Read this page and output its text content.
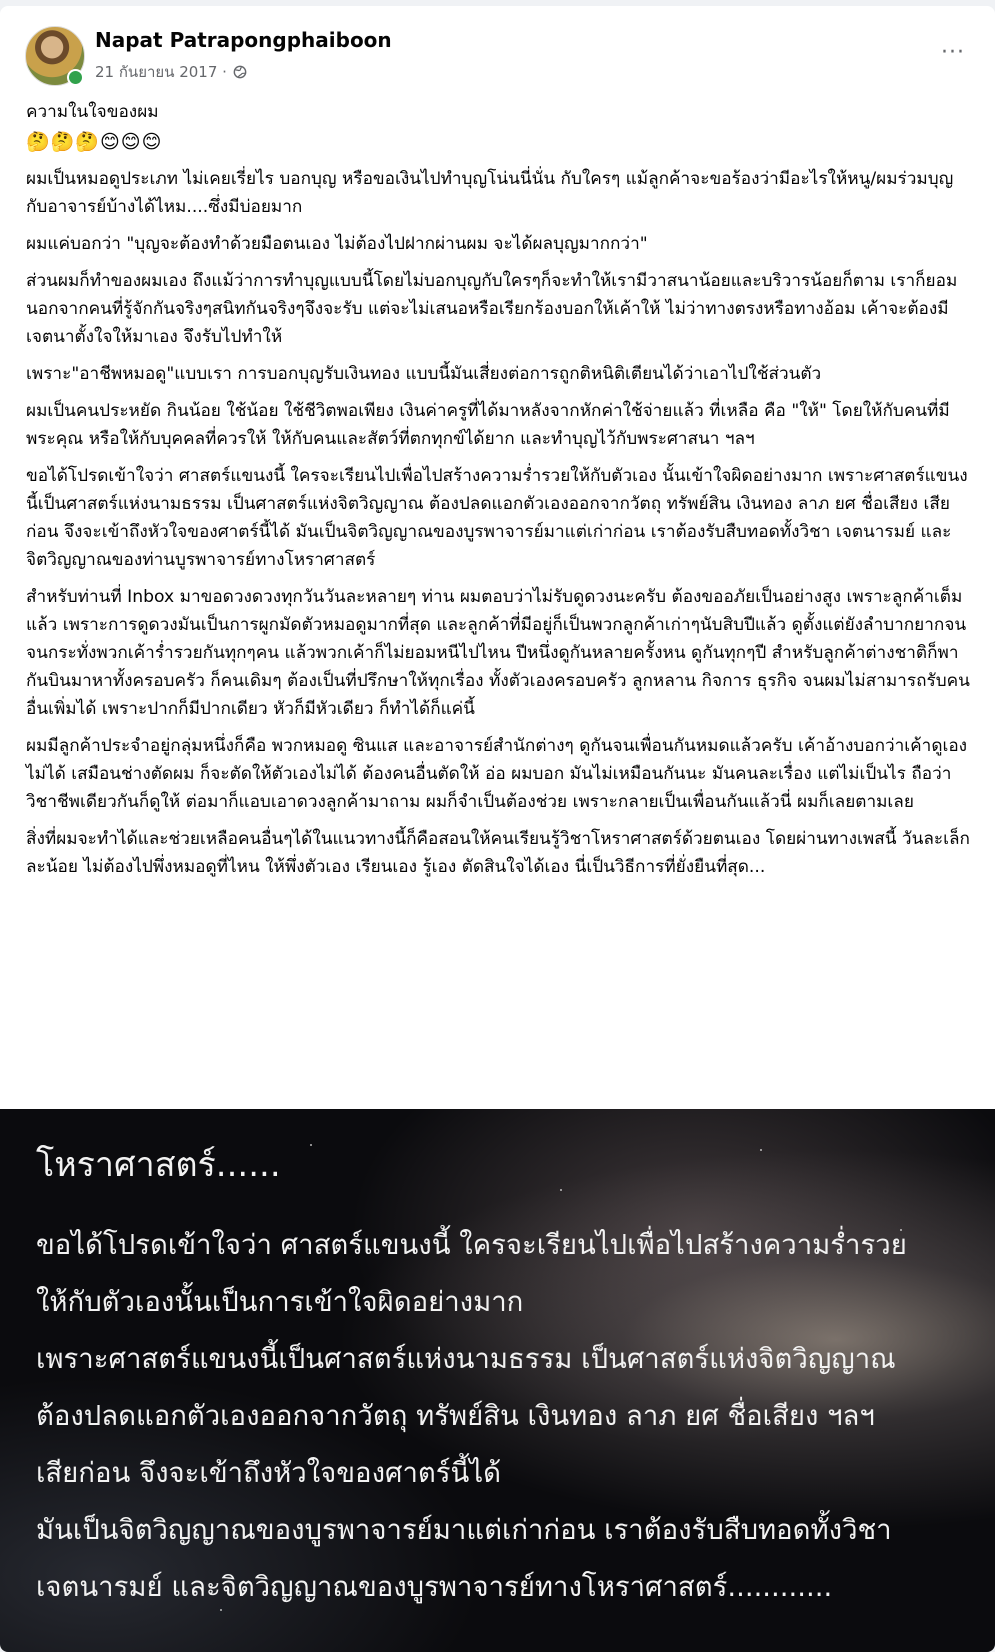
Napat Patrapongphaiboon
21 กันยายน 2017 ·
···

ความในใจของผม

🤔🤔🤔😊😊😊

ผมเป็นหมอดูประเภท ไม่เคยเรี่ยไร บอกบุญ หรือขอเงินไปทำบุญโน่นนี่นั่น กับใครๆ แม้ลูกค้าจะขอร้องว่ามีอะไรให้หนู/ผมร่วมบุญกับอาจารย์บ้างได้ไหม....ซึ่งมีบ่อยมาก

ผมแค่บอกว่า "บุญจะต้องทำด้วยมือตนเอง ไม่ต้องไปฝากผ่านผม จะได้ผลบุญมากกว่า"

ส่วนผมก็ทำของผมเอง ถึงแม้ว่าการทำบุญแบบนี้โดยไม่บอกบุญกับใครๆก็จะทำให้เรามีวาสนาน้อยและบริวารน้อยก็ตาม เราก็ยอม นอกจากคนที่รู้จักกันจริงๆสนิทกันจริงๆจึงจะรับ แต่จะไม่เสนอหรือเรียกร้องบอกให้เค้าให้ ไม่ว่าทางตรงหรือทางอ้อม เค้าจะต้องมีเจตนาตั้งใจให้มาเอง จึงรับไปทำให้

เพราะ"อาชีพหมอดู"แบบเรา การบอกบุญรับเงินทอง แบบนี้มันเสี่ยงต่อการถูกติหนิติเตียนได้ว่าเอาไปใช้ส่วนตัว

ผมเป็นคนประหยัด กินน้อย ใช้น้อย ใช้ชีวิตพอเพียง เงินค่าครูที่ได้มาหลังจากหักค่าใช้จ่ายแล้ว ที่เหลือ คือ "ให้" โดยให้กับคนที่มีพระคุณ หรือให้กับบุคคลที่ควรให้ ให้กับคนและสัตว์ที่ตกทุกข์ได้ยาก และทำบุญไว้กับพระศาสนา ฯลฯ

ขอได้โปรดเข้าใจว่า ศาสตร์แขนงนี้ ใครจะเรียนไปเพื่อไปสร้างความร่ำรวยให้กับตัวเอง นั้นเข้าใจผิดอย่างมาก เพราะศาสตร์แขนงนี้เป็นศาสตร์แห่งนามธรรม เป็นศาสตร์แห่งจิตวิญญาณ ต้องปลดแอกตัวเองออกจากวัตถุ ทรัพย์สิน เงินทอง ลาภ ยศ ชื่อเสียง เสียก่อน จึงจะเข้าถึงหัวใจของศาตร์นี้ได้ มันเป็นจิตวิญญาณของบูรพาจารย์มาแต่เก่าก่อน เราต้องรับสืบทอดทั้งวิชา เจตนารมย์ และจิตวิญญาณของท่านบูรพาจารย์ทางโหราศาสตร์

สำหรับท่านที่ Inbox มาขอดวงดวงทุกวันวันละหลายๆ ท่าน ผมตอบว่าไม่รับดูดวงนะครับ ต้องขออภัยเป็นอย่างสูง เพราะลูกค้าเต็มแล้ว เพราะการดูดวงมันเป็นการผูกมัดตัวหมอดูมากที่สุด และลูกค้าที่มีอยู่ก็เป็นพวกลูกค้าเก่าๆนับสิบปีแล้ว ดูตั้งแต่ยังลำบากยากจน จนกระทั่งพวกเค้าร่ำรวยกันทุกๆคน แล้วพวกเค้าก็ไม่ยอมหนีไปไหน ปีหนึ่งดูกันหลายครั้งหน ดูกันทุกๆปี สำหรับลูกค้าต่างชาติก็พากันบินมาหาทั้งครอบครัว ก็คนเดิมๆ ต้องเป็นที่ปรึกษาให้ทุกเรื่อง ทั้งตัวเองครอบครัว ลูกหลาน กิจการ ธุรกิจ จนผมไม่สามารถรับคนอื่นเพิ่มได้ เพราะปากก็มีปากเดียว หัวก็มีหัวเดียว ก็ทำได้ก็แค่นี้

ผมมีลูกค้าประจำอยู่กลุ่มหนึ่งก็คือ พวกหมอดู ซินแส และอาจารย์สำนักต่างๆ ดูกันจนเพื่อนกันหมดแล้วครับ เค้าอ้างบอกว่าเค้าดูเองไม่ได้ เสมือนช่างตัดผม ก็จะตัดให้ตัวเองไม่ได้ ต้องคนอื่นตัดให้ อ่อ ผมบอก มันไม่เหมือนกันนะ มันคนละเรื่อง แต่ไม่เป็นไร ถือว่าวิชาชีพเดียวกันก็ดูให้ ต่อมาก็แอบเอาดวงลูกค้ามาถาม ผมก็จำเป็นต้องช่วย เพราะกลายเป็นเพื่อนกันแล้วนี่ ผมก็เลยตามเลย

สิ่งที่ผมจะทำได้และช่วยเหลือคนอื่นๆได้ในแนวทางนี้ก็คือสอนให้คนเรียนรู้วิชาโหราศาสตร์ด้วยตนเอง โดยผ่านทางเพสนี้ วันละเล็กละน้อย ไม่ต้องไปพึ่งหมอดูที่ไหน ให้พึ่งตัวเอง เรียนเอง รู้เอง ตัดสินใจได้เอง นี่เป็นวิธีการที่ยั่งยืนที่สุด...

โหราศาสตร์......
ขอได้โปรดเข้าใจว่า ศาสตร์แขนงนี้ ใครจะเรียนไปเพื่อไปสร้างความร่ำรวย
ให้กับตัวเองนั้นเป็นการเข้าใจผิดอย่างมาก
เพราะศาสตร์แขนงนี้เป็นศาสตร์แห่งนามธรรม เป็นศาสตร์แห่งจิตวิญญาณ
ต้องปลดแอกตัวเองออกจากวัตถุ ทรัพย์สิน เงินทอง ลาภ ยศ ชื่อเสียง ฯลฯ
เสียก่อน จึงจะเข้าถึงหัวใจของศาตร์นี้ได้
มันเป็นจิตวิญญาณของบูรพาจารย์มาแต่เก่าก่อน เราต้องรับสืบทอดทั้งวิชา
เจตนารมย์ และจิตวิญญาณของบูรพาจารย์ทางโหราศาสตร์............
